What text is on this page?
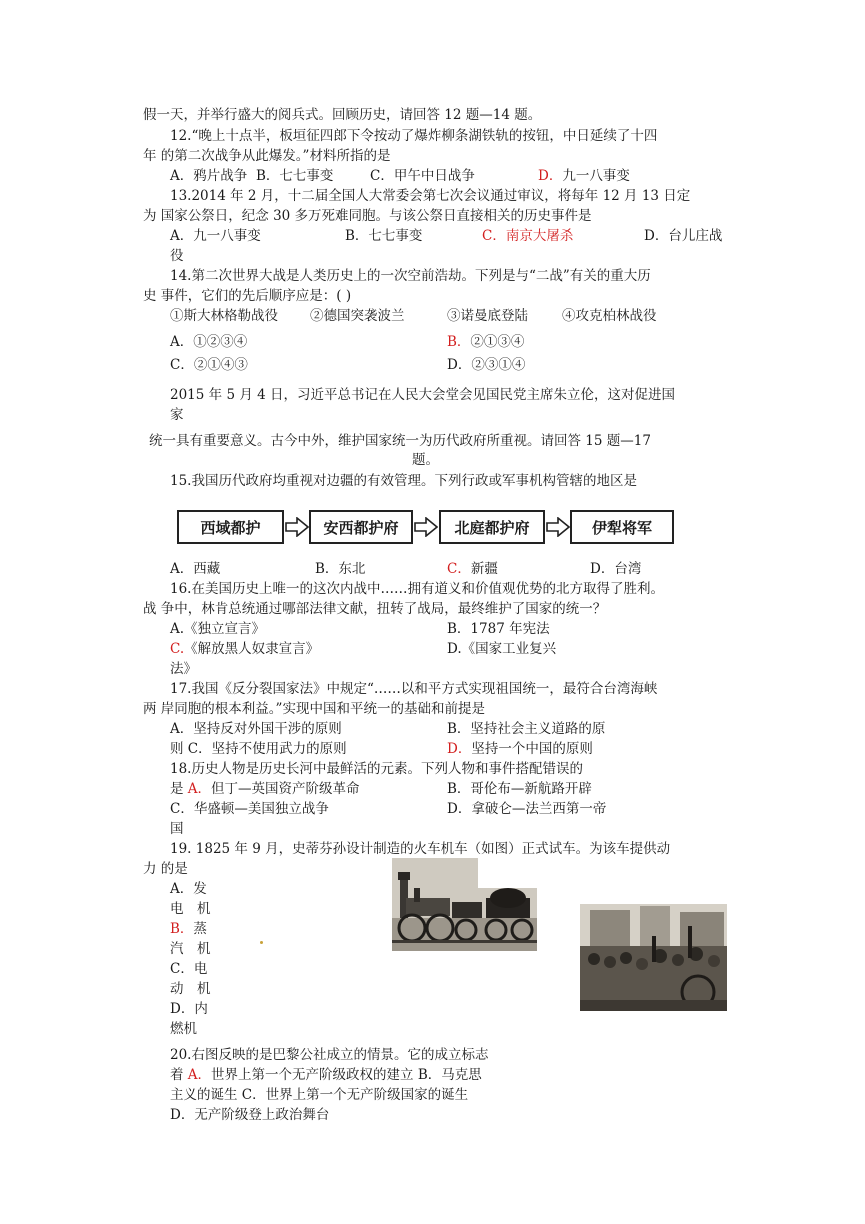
假一天，并举行盛大的阅兵式。回顾历史，请回答 12 题—14 题。
12.“晚上十点半，板垣征四郎下令按动了爆炸柳条湖铁轨的按钮，中日延续了十四
年 的第二次战争从此爆发。”材料所指的是
A．鸦片战争 B．七七事变	C．甲午中日战争	D．九一八事变
13.2014 年 2 月，十二届全国人大常委会第七次会议通过审议，将每年 12 月 13 日定
为 国家公祭日，纪念 30 多万死难同胞。与该公祭日直接相关的历史事件是
A．九一八事变	B．七七事变	C．南京大屠杀	D．台儿庄战
役
14.第二次世界大战是人类历史上的一次空前浩劫。下列是与“二战”有关的重大历
史 事件，它们的先后顺序应是：( )
①斯大林格勒战役 ②德国突袭波兰	③诺曼底登陆	④攻克柏林战役
A．①②③④	B．②①③④
C．②①④③	D．②③①④
2015 年 5 月 4 日，习近平总书记在人民大会堂会见国民党主席朱立伦，这对促进国
家
统一具有重要意义。古今中外，维护国家统一为历代政府所重视。请回答 15 题—17
题。
15.我国历代政府均重视对边疆的有效管理。下列行政或军事机构管辖的地区是
西域都护	安西都护府	北庭都护府	伊犁将军
A．西藏	B．东北	C．新疆	D．台湾
16.在美国历史上唯一的这次内战中……拥有道义和价值观优势的北方取得了胜利。
战 争中，林肯总统通过哪部法律文献，扭转了战局，最终维护了国家的统一？
A.《独立宣言》	B．1787 年宪法
C.《解放黑人奴隶宣言》	D.《国家工业复兴
法》
17.我国《反分裂国家法》中规定“……以和平方式实现祖国统一，最符合台湾海峡
两 岸同胞的根本利益。”实现中国和平统一的基础和前提是
A．坚持反对外国干涉的原则	B．坚持社会主义道路的原
则 C．坚持不使用武力的原则	D．坚持一个中国的原则
18.历史人物是历史长河中最鲜活的元素。下列人物和事件搭配错误的
是 A．但丁—英国资产阶级革命	B．哥伦布—新航路开辟
C．华盛顿—美国独立战争	D．拿破仑—法兰西第一帝
国
19. 1825 年 9 月，史蒂芬孙设计制造的火车机车（如图）正式试车。为该车提供动
力 的是
A．发
电　机
B．蒸
汽　机
C．电
动　机
D．内
燃机
20.右图反映的是巴黎公社成立的情景。它的成立标志
着 A．世界上第一个无产阶级政权的建立 B．马克思
主义的诞生 C．世界上第一个无产阶级国家的诞生
D．无产阶级登上政治舞台
